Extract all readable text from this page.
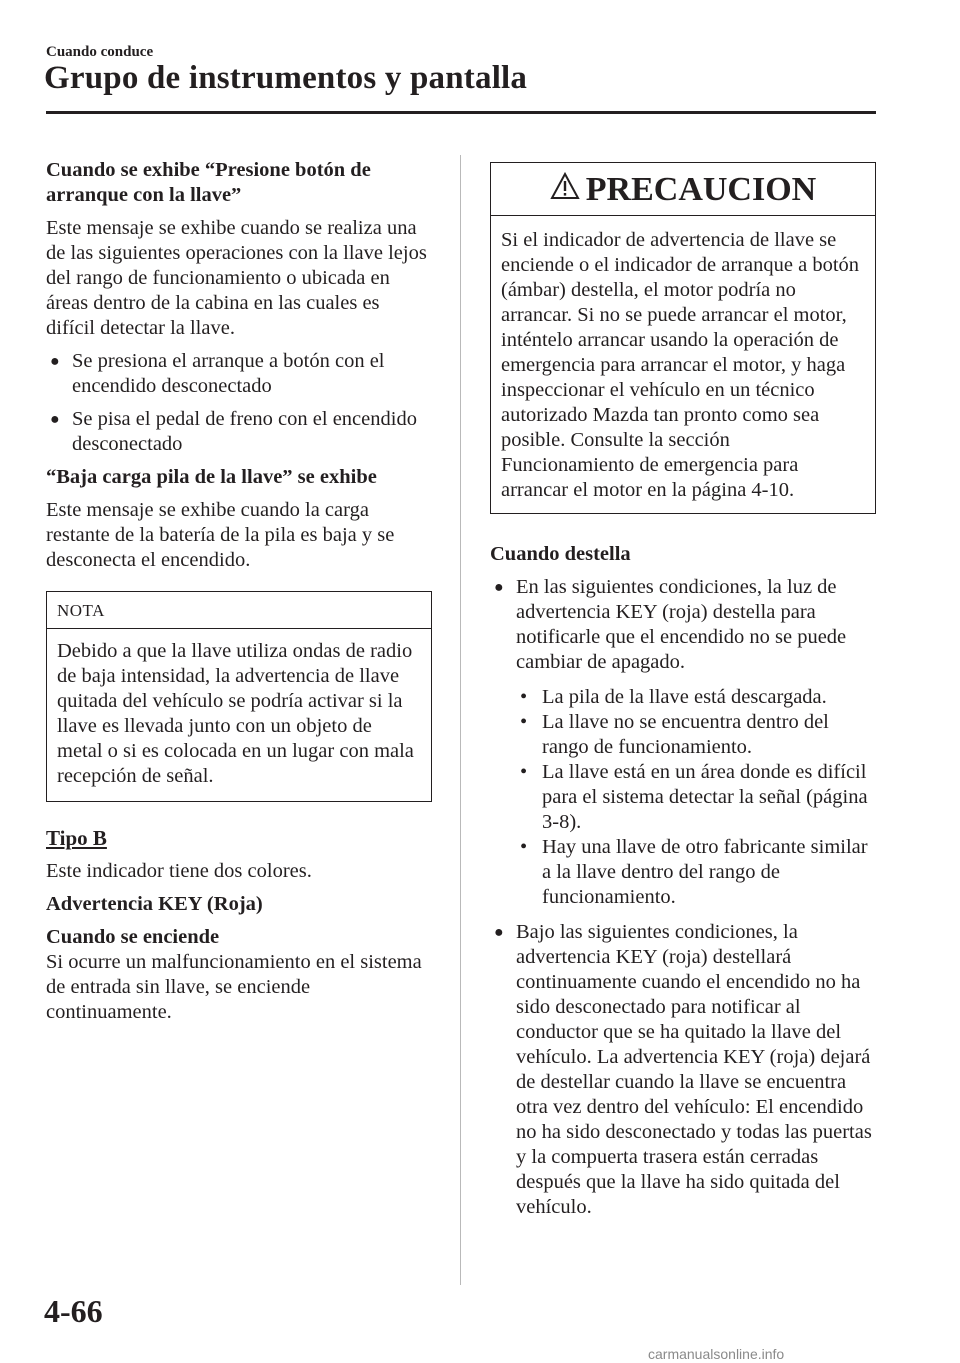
Cuando conduce
Grupo de instrumentos y pantalla

Cuando se exhibe “Presione botón de arranque con la llave”

Este mensaje se exhibe cuando se realiza una de las siguientes operaciones con la llave lejos del rango de funcionamiento o ubicada en áreas dentro de la cabina en las cuales es difícil detectar la llave.

● Se presiona el arranque a botón con el encendido desconectado
● Se pisa el pedal de freno con el encendido desconectado

“Baja carga pila de la llave” se exhibe

Este mensaje se exhibe cuando la carga restante de la batería de la pila es baja y se desconecta el encendido.

NOTA
Debido a que la llave utiliza ondas de radio de baja intensidad, la advertencia de llave quitada del vehículo se podría activar si la llave es llevada junto con un objeto de metal o si es colocada en un lugar con mala recepción de señal.

Tipo B

Este indicador tiene dos colores.

Advertencia KEY (Roja)

Cuando se enciende

Si ocurre un malfuncionamiento en el sistema de entrada sin llave, se enciende continuamente.

PRECAUCION
Si el indicador de advertencia de llave se enciende o el indicador de arranque a botón (ámbar) destella, el motor podría no arrancar. Si no se puede arrancar el motor, inténtelo arrancar usando la operación de emergencia para arrancar el motor, y haga inspeccionar el vehículo en un técnico autorizado Mazda tan pronto como sea posible. Consulte la sección Funcionamiento de emergencia para arrancar el motor en la página 4-10.

Cuando destella

● En las siguientes condiciones, la luz de advertencia KEY (roja) destella para notificarle que el encendido no se puede cambiar de apagado.
• La pila de la llave está descargada.
• La llave no se encuentra dentro del rango de funcionamiento.
• La llave está en un área donde es difícil para el sistema detectar la señal (página 3-8).
• Hay una llave de otro fabricante similar a la llave dentro del rango de funcionamiento.
● Bajo las siguientes condiciones, la advertencia KEY (roja) destellará continuamente cuando el encendido no ha sido desconectado para notificar al conductor que se ha quitado la llave del vehículo. La advertencia KEY (roja) dejará de destellar cuando la llave se encuentra otra vez dentro del vehículo: El encendido no ha sido desconectado y todas las puertas y la compuerta trasera están cerradas después que la llave ha sido quitada del vehículo.
4-66
carmanualsonline.info
